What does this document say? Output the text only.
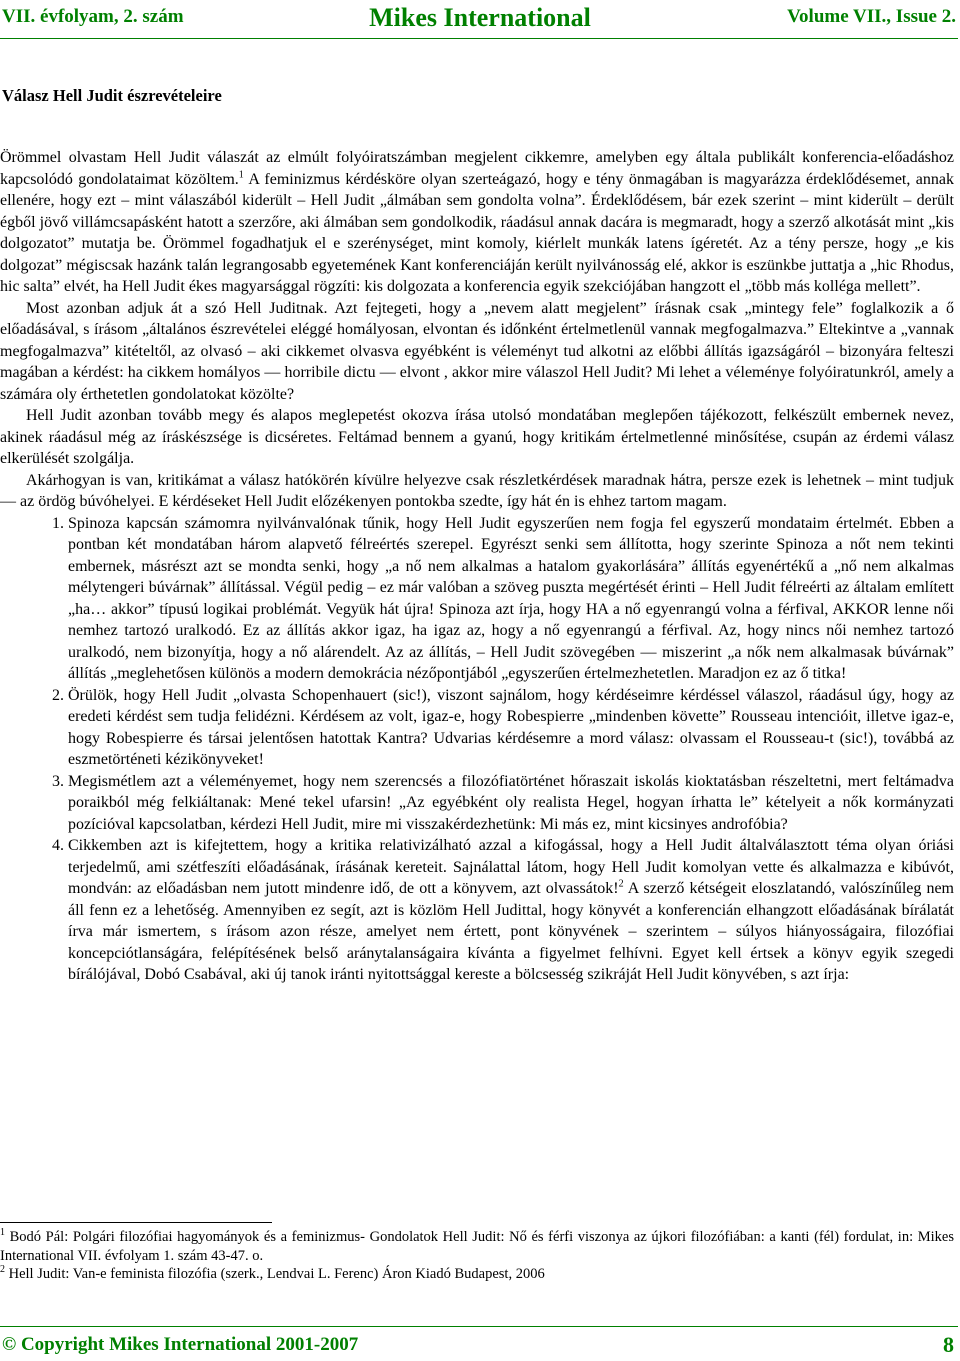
VII. évfolyam, 2. szám	Mikes International	Volume VII., Issue 2.
Válasz Hell Judit észrevételeire

Örömmel olvastam Hell Judit válaszát az elmúlt folyóiratszámban megjelent cikkemre, amelyben egy általa publikált konferencia-előadáshoz kapcsolódó gondolataimat közöltem.$^1$ A feminizmus kérdésköre olyan szerteágazó, hogy e tény önmagában is magyarázza érdeklődésemet, annak ellenére, hogy ezt – mint válaszából kiderült – Hell Judit „álmában sem gondolta volna”. Érdeklődésem, bár ezek szerint – mint kiderült – derült égből jövő villámcsapásként hatott a szerzőre, aki álmában sem gondolkodik, ráadásul annak dacára is megmaradt, hogy a szerző alkotását mint „kis dolgozatot” mutatja be. Örömmel fogadhatjuk el e szerénységet, mint komoly, kiérlelt munkák latens ígéretét. Az a tény persze, hogy „e kis dolgozat” mégiscsak hazánk talán legrangosabb egyetemének Kant konferenciáján került nyilvánosság elé, akkor is eszünkbe juttatja a „hic Rhodus, hic salta” elvét, ha Hell Judit ékes magyarsággal rögzíti: kis dolgozata a konferencia egyik szekciójában hangzott el „több más kolléga mellett”.

Most azonban adjuk át a szó Hell Juditnak. Azt fejtegeti, hogy a „nevem alatt megjelent” írásnak csak „mintegy fele” foglalkozik a ő előadásával, s írásom „általános észrevételei eléggé homályosan, elvontan és időnként értelmetlenül vannak megfogalmazva.” Eltekintve a „vannak megfogalmazva” kitételtől, az olvasó – aki cikkemet olvasva egyébként is véleményt tud alkotni az előbbi állítás igazságáról – bizonyára felteszi magában a kérdést: ha cikkem homályos — horribile dictu — elvont , akkor mire válaszol Hell Judit? Mi lehet a véleménye folyóiratunkról, amely a számára oly érthetetlen gondolatokat közölte?

Hell Judit azonban tovább megy és alapos meglepetést okozva írása utolsó mondatában meglepően tájékozott, felkészült embernek nevez, akinek ráadásul még az íráskészsége is dicséretes. Feltámad bennem a gyanú, hogy kritikám értelmetlenné minősítése, csupán az érdemi válasz elkerülését szolgálja.

Akárhogyan is van, kritikámat a válasz hatókörén kívülre helyezve csak részletkérdések maradnak hátra, persze ezek is lehetnek – mint tudjuk — az ördög búvóhelyei. E kérdéseket Hell Judit előzékenyen pontokba szedte, így hát én is ehhez tartom magam.

1. Spinoza kapcsán számomra nyilvánvalónak tűnik, hogy Hell Judit egyszerűen nem fogja fel egyszerű mondataim értelmét. Ebben a pontban két mondatában három alapvető félreértés szerepel. Egyrészt senki sem állította, hogy szerinte Spinoza a nőt nem tekinti embernek, másrészt azt se mondta senki, hogy „a nő nem alkalmas a hatalom gyakorlására” állítás egyenértékű a „nő nem alkalmas mélytengeri búvárnak” állítással. Végül pedig – ez már valóban a szöveg puszta megértését érinti – Hell Judit félreérti az általam említett „ha… akkor” típusú logikai problémát. Vegyük hát újra! Spinoza azt írja, hogy HA a nő egyenrangú volna a férfival, AKKOR lenne női nemhez tartozó uralkodó. Ez az állítás akkor igaz, ha igaz az, hogy a nő egyenrangú a férfival. Az, hogy nincs női nemhez tartozó uralkodó, nem bizonyítja, hogy a nő alárendelt. Az az állítás, – Hell Judit szövegében — miszerint „a nők nem alkalmasak búvárnak” állítás „meglehetősen különös a modern demokrácia nézőpontjából „egyszerűen értelmezhetetlen. Maradjon ez az ő titka!
2. Örülök, hogy Hell Judit „olvasta Schopenhauert (sic!), viszont sajnálom, hogy kérdéseimre kérdéssel válaszol, ráadásul úgy, hogy az eredeti kérdést sem tudja felidézni. Kérdésem az volt, igaz-e, hogy Robespierre „mindenben követte” Rousseau intencióit, illetve igaz-e, hogy Robespierre és társai jelentősen hatottak Kantra? Udvarias kérdésemre a mord válasz: olvassam el Rousseau-t (sic!), továbbá az eszmetörténeti kézikönyveket!
3. Megismétlem azt a véleményemet, hogy nem szerencsés a filozófiatörténet hőraszait iskolás kioktatásban részeltetni, mert feltámadva poraikból még felkiáltanak: Mené tekel ufarsin! „Az egyébként oly realista Hegel, hogyan írhatta le” kételyeit a nők kormányzati pozícióval kapcsolatban, kérdezi Hell Judit, mire mi visszakérdezhetünk: Mi más ez, mint kicsinyes androfóbia?
4. Cikkemben azt is kifejtettem, hogy a kritika relativizálható azzal a kifogással, hogy a Hell Judit általválasztott téma olyan óriási terjedelmű, ami szétfeszíti előadásának, írásának kereteit. Sajnálattal látom, hogy Hell Judit komolyan vette és alkalmazza e kibúvót, mondván: az előadásban nem jutott mindenre idő, de ott a könyvem, azt olvassátok!$^2$ A szerző kétségeit eloszlatandó, valószínűleg nem áll fenn ez a lehetőség. Amennyiben ez segít, azt is közlöm Hell Judittal, hogy könyvét a konferencián elhangzott előadásának bírálatát írva már ismertem, s írásom azon része, amelyet nem értett, pont könyvének – szerintem – súlyos hiányosságaira, filozófiai koncepciótlanságára, felépítésének belső aránytalanságaira kívánta a figyelmet felhívni. Egyet kell értsek a könyv egyik szegedi bírálójával, Dobó Csabával, aki új tanok iránti nyitottsággal kereste a bölcsesség szikráját Hell Judit könyvében, s azt írja:

$^1$ Bodó Pál: Polgári filozófiai hagyományok és a feminizmus- Gondolatok Hell Judit: Nő és férfi viszonya az újkori filozófiában: a kanti (fél) fordulat, in: Mikes International VII. évfolyam 1. szám 43-47. o.

$^2$ Hell Judit: Van-e feminista filozófia (szerk., Lendvai L. Ferenc) Áron Kiadó Budapest, 2006

© Copyright Mikes International 2001-2007	8
